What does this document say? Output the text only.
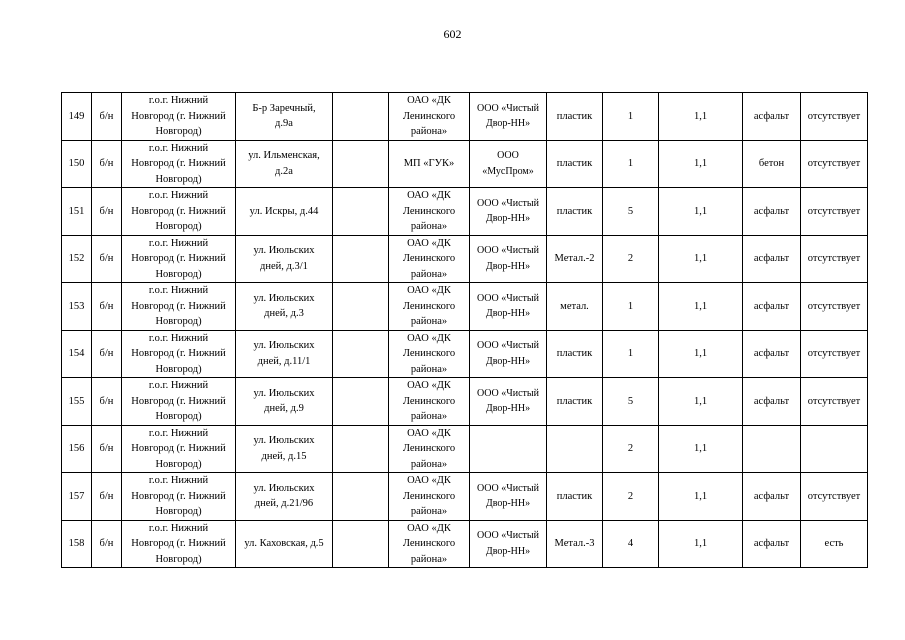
602
149	б/н	г.о.г. Нижний
Новгород (г. Нижний
Новгород)	Б-р Заречный,
д.9а		ОАО «ДК
Ленинского
района»	ООО «Чистый
Двор-НН»	пластик	1	1,1	асфальт	отсутствует
150	б/н	г.о.г. Нижний
Новгород (г. Нижний
Новгород)	ул. Ильменская,
д.2а		МП «ГУК»	ООО
«МусПром»	пластик	1	1,1	бетон	отсутствует
151	б/н	г.о.г. Нижний
Новгород (г. Нижний
Новгород)	ул. Искры, д.44		ОАО «ДК
Ленинского
района»	ООО «Чистый
Двор-НН»	пластик	5	1,1	асфальт	отсутствует
152	б/н	г.о.г. Нижний
Новгород (г. Нижний
Новгород)	ул. Июльских
дней, д.3/1		ОАО «ДК
Ленинского
района»	ООО «Чистый
Двор-НН»	Метал.-2	2	1,1	асфальт	отсутствует
153	б/н	г.о.г. Нижний
Новгород (г. Нижний
Новгород)	ул. Июльских
дней, д.3		ОАО «ДК
Ленинского
района»	ООО «Чистый
Двор-НН»	метал.	1	1,1	асфальт	отсутствует
154	б/н	г.о.г. Нижний
Новгород (г. Нижний
Новгород)	ул. Июльских
дней, д.11/1		ОАО «ДК
Ленинского
района»	ООО «Чистый
Двор-НН»	пластик	1	1,1	асфальт	отсутствует
155	б/н	г.о.г. Нижний
Новгород (г. Нижний
Новгород)	ул. Июльских
дней, д.9		ОАО «ДК
Ленинского
района»	ООО «Чистый
Двор-НН»	пластик	5	1,1	асфальт	отсутствует
156	б/н	г.о.г. Нижний
Новгород (г. Нижний
Новгород)	ул. Июльских
дней, д.15		ОАО «ДК
Ленинского
района»			2	1,1		
157	б/н	г.о.г. Нижний
Новгород (г. Нижний
Новгород)	ул. Июльских
дней, д.21/96		ОАО «ДК
Ленинского
района»	ООО «Чистый
Двор-НН»	пластик	2	1,1	асфальт	отсутствует
158	б/н	г.о.г. Нижний
Новгород (г. Нижний
Новгород)	ул. Каховская, д.5		ОАО «ДК
Ленинского
района»	ООО «Чистый
Двор-НН»	Метал.-3	4	1,1	асфальт	есть
